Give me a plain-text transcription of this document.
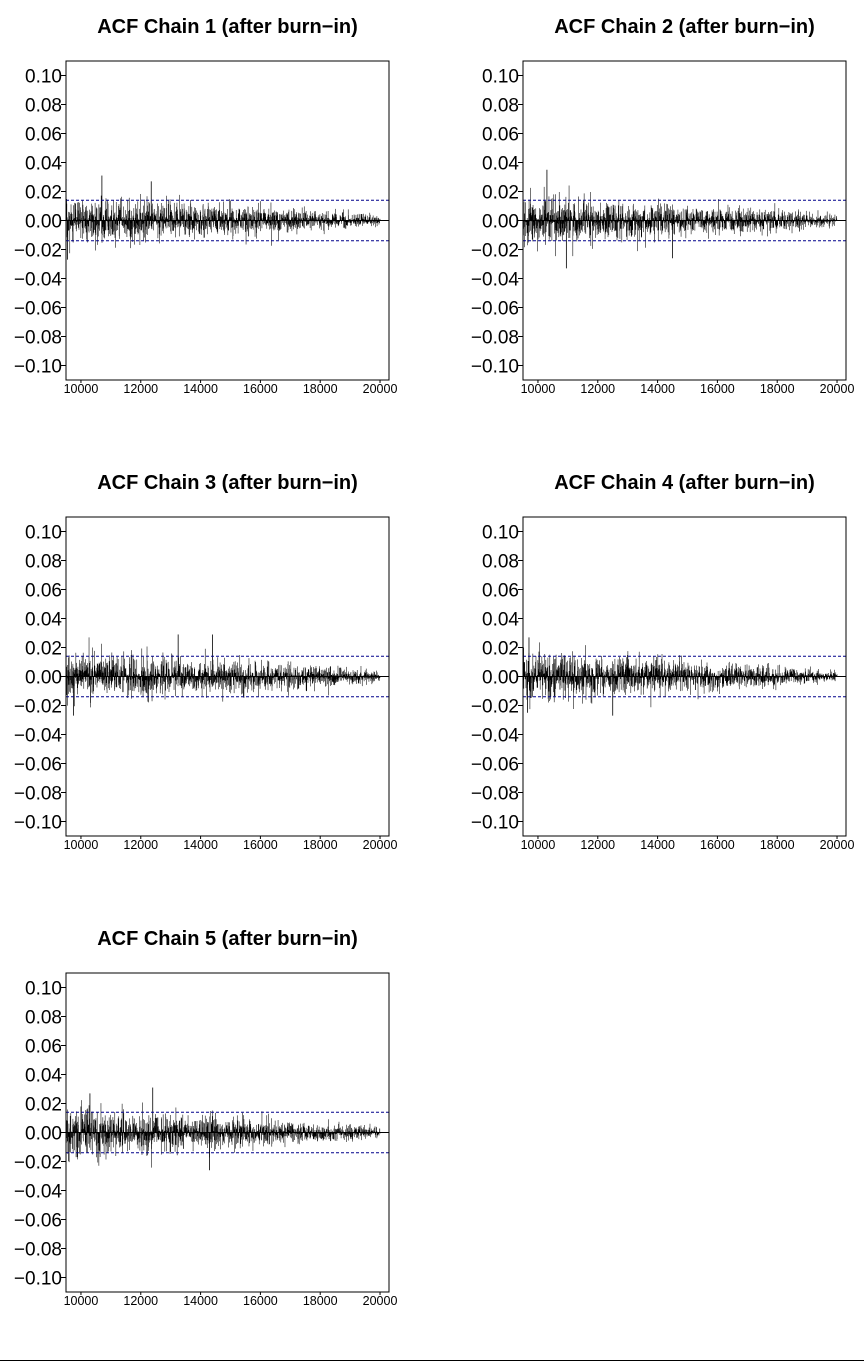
ACF Chain 1 (after burn−in)
0.10
0.08
0.06
0.04
0.02
0.00
−0.02
−0.04
−0.06
−0.08
−0.10
10000 12000 14000 16000 18000 20000
ACF Chain 2 (after burn−in)
0.10
0.08
0.06
0.04
0.02
0.00
−0.02
−0.04
−0.06
−0.08
−0.10
10000 12000 14000 16000 18000 20000
ACF Chain 3 (after burn−in)
0.10
0.08
0.06
0.04
0.02
0.00
−0.02
−0.04
−0.06
−0.08
−0.10
10000 12000 14000 16000 18000 20000
ACF Chain 4 (after burn−in)
0.10
0.08
0.06
0.04
0.02
0.00
−0.02
−0.04
−0.06
−0.08
−0.10
10000 12000 14000 16000 18000 20000
ACF Chain 5 (after burn−in)
0.10
0.08
0.06
0.04
0.02
0.00
−0.02
−0.04
−0.06
−0.08
−0.10
10000 12000 14000 16000 18000 20000
